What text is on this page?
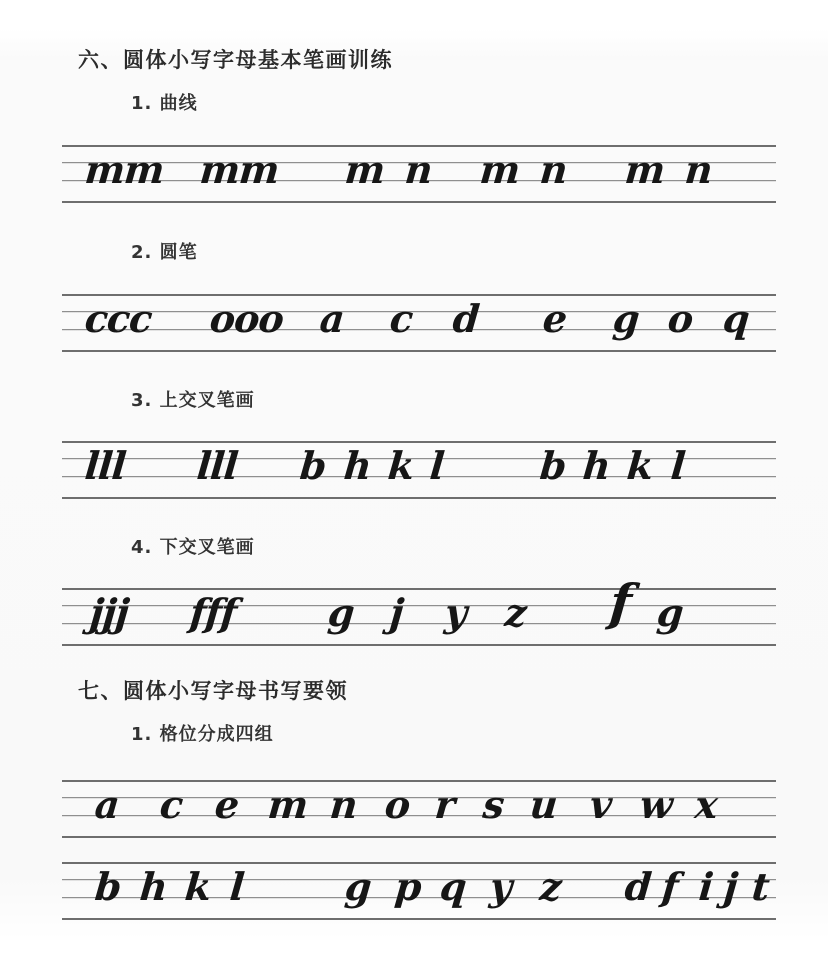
六、圆体小写字母基本笔画训练
1. 曲线
mm mm m n m n m n
2. 圆笔
ccc ooo a c d e g o q
3. 上交叉笔画
lll lll b h k l b h k l
4. 下交叉笔画
jjj fff g j y z f g
七、圆体小写字母书写要领
1. 格位分成四组
a c e m n o r s u v w x
b h k l	g p q y z d f i j t
